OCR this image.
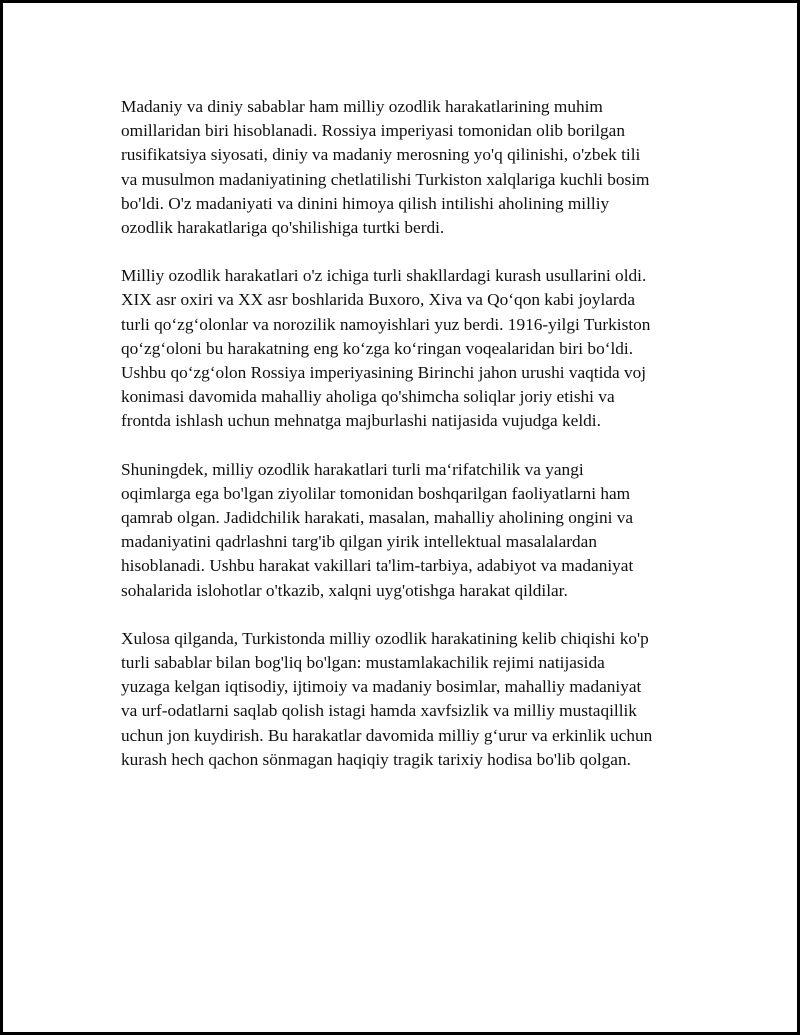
Madaniy va diniy sabablar ham milliy ozodlik harakatlarining muhim
omillaridan biri hisoblanadi. Rossiya imperiyasi tomonidan olib borilgan
rusifikatsiya siyosati, diniy va madaniy merosning yo'q qilinishi, o'zbek tili
va musulmon madaniyatining chetlatilishi Turkiston xalqlariga kuchli bosim
bo'ldi. O'z madaniyati va dinini himoya qilish intilishi aholining milliy
ozodlik harakatlariga qo'shilishiga turtki berdi.

Milliy ozodlik harakatlari o'z ichiga turli shakllardagi kurash usullarini oldi.
XIX asr oxiri va XX asr boshlarida Buxoro, Xiva va Qo‘qon kabi joylarda
turli qo‘zg‘olonlar va norozilik namoyishlari yuz berdi. 1916-yilgi Turkiston
qo‘zg‘oloni bu harakatning eng ko‘zga ko‘ringan voqealaridan biri bo‘ldi.
Ushbu qo‘zg‘olon Rossiya imperiyasining Birinchi jahon urushi vaqtida voj
konimasi davomida mahalliy aholiga qo'shimcha soliqlar joriy etishi va
frontda ishlash uchun mehnatga majburlashi natijasida vujudga keldi.

Shuningdek, milliy ozodlik harakatlari turli ma‘rifatchilik va yangi
oqimlarga ega bo'lgan ziyolilar tomonidan boshqarilgan faoliyatlarni ham
qamrab olgan. Jadidchilik harakati, masalan, mahalliy aholining ongini va
madaniyatini qadrlashni targ'ib qilgan yirik intellektual masalalardan
hisoblanadi. Ushbu harakat vakillari ta'lim-tarbiya, adabiyot va madaniyat
sohalarida islohotlar o'tkazib, xalqni uyg'otishga harakat qildilar.

Xulosa qilganda, Turkistonda milliy ozodlik harakatining kelib chiqishi ko'p
turli sabablar bilan bog'liq bo'lgan: mustamlakachilik rejimi natijasida
yuzaga kelgan iqtisodiy, ijtimoiy va madaniy bosimlar, mahalliy madaniyat
va urf-odatlarni saqlab qolish istagi hamda xavfsizlik va milliy mustaqillik
uchun jon kuydirish. Bu harakatlar davomida milliy g‘urur va erkinlik uchun
kurash hech qachon sönmagan haqiqiy tragik tarixiy hodisa bo'lib qolgan.
